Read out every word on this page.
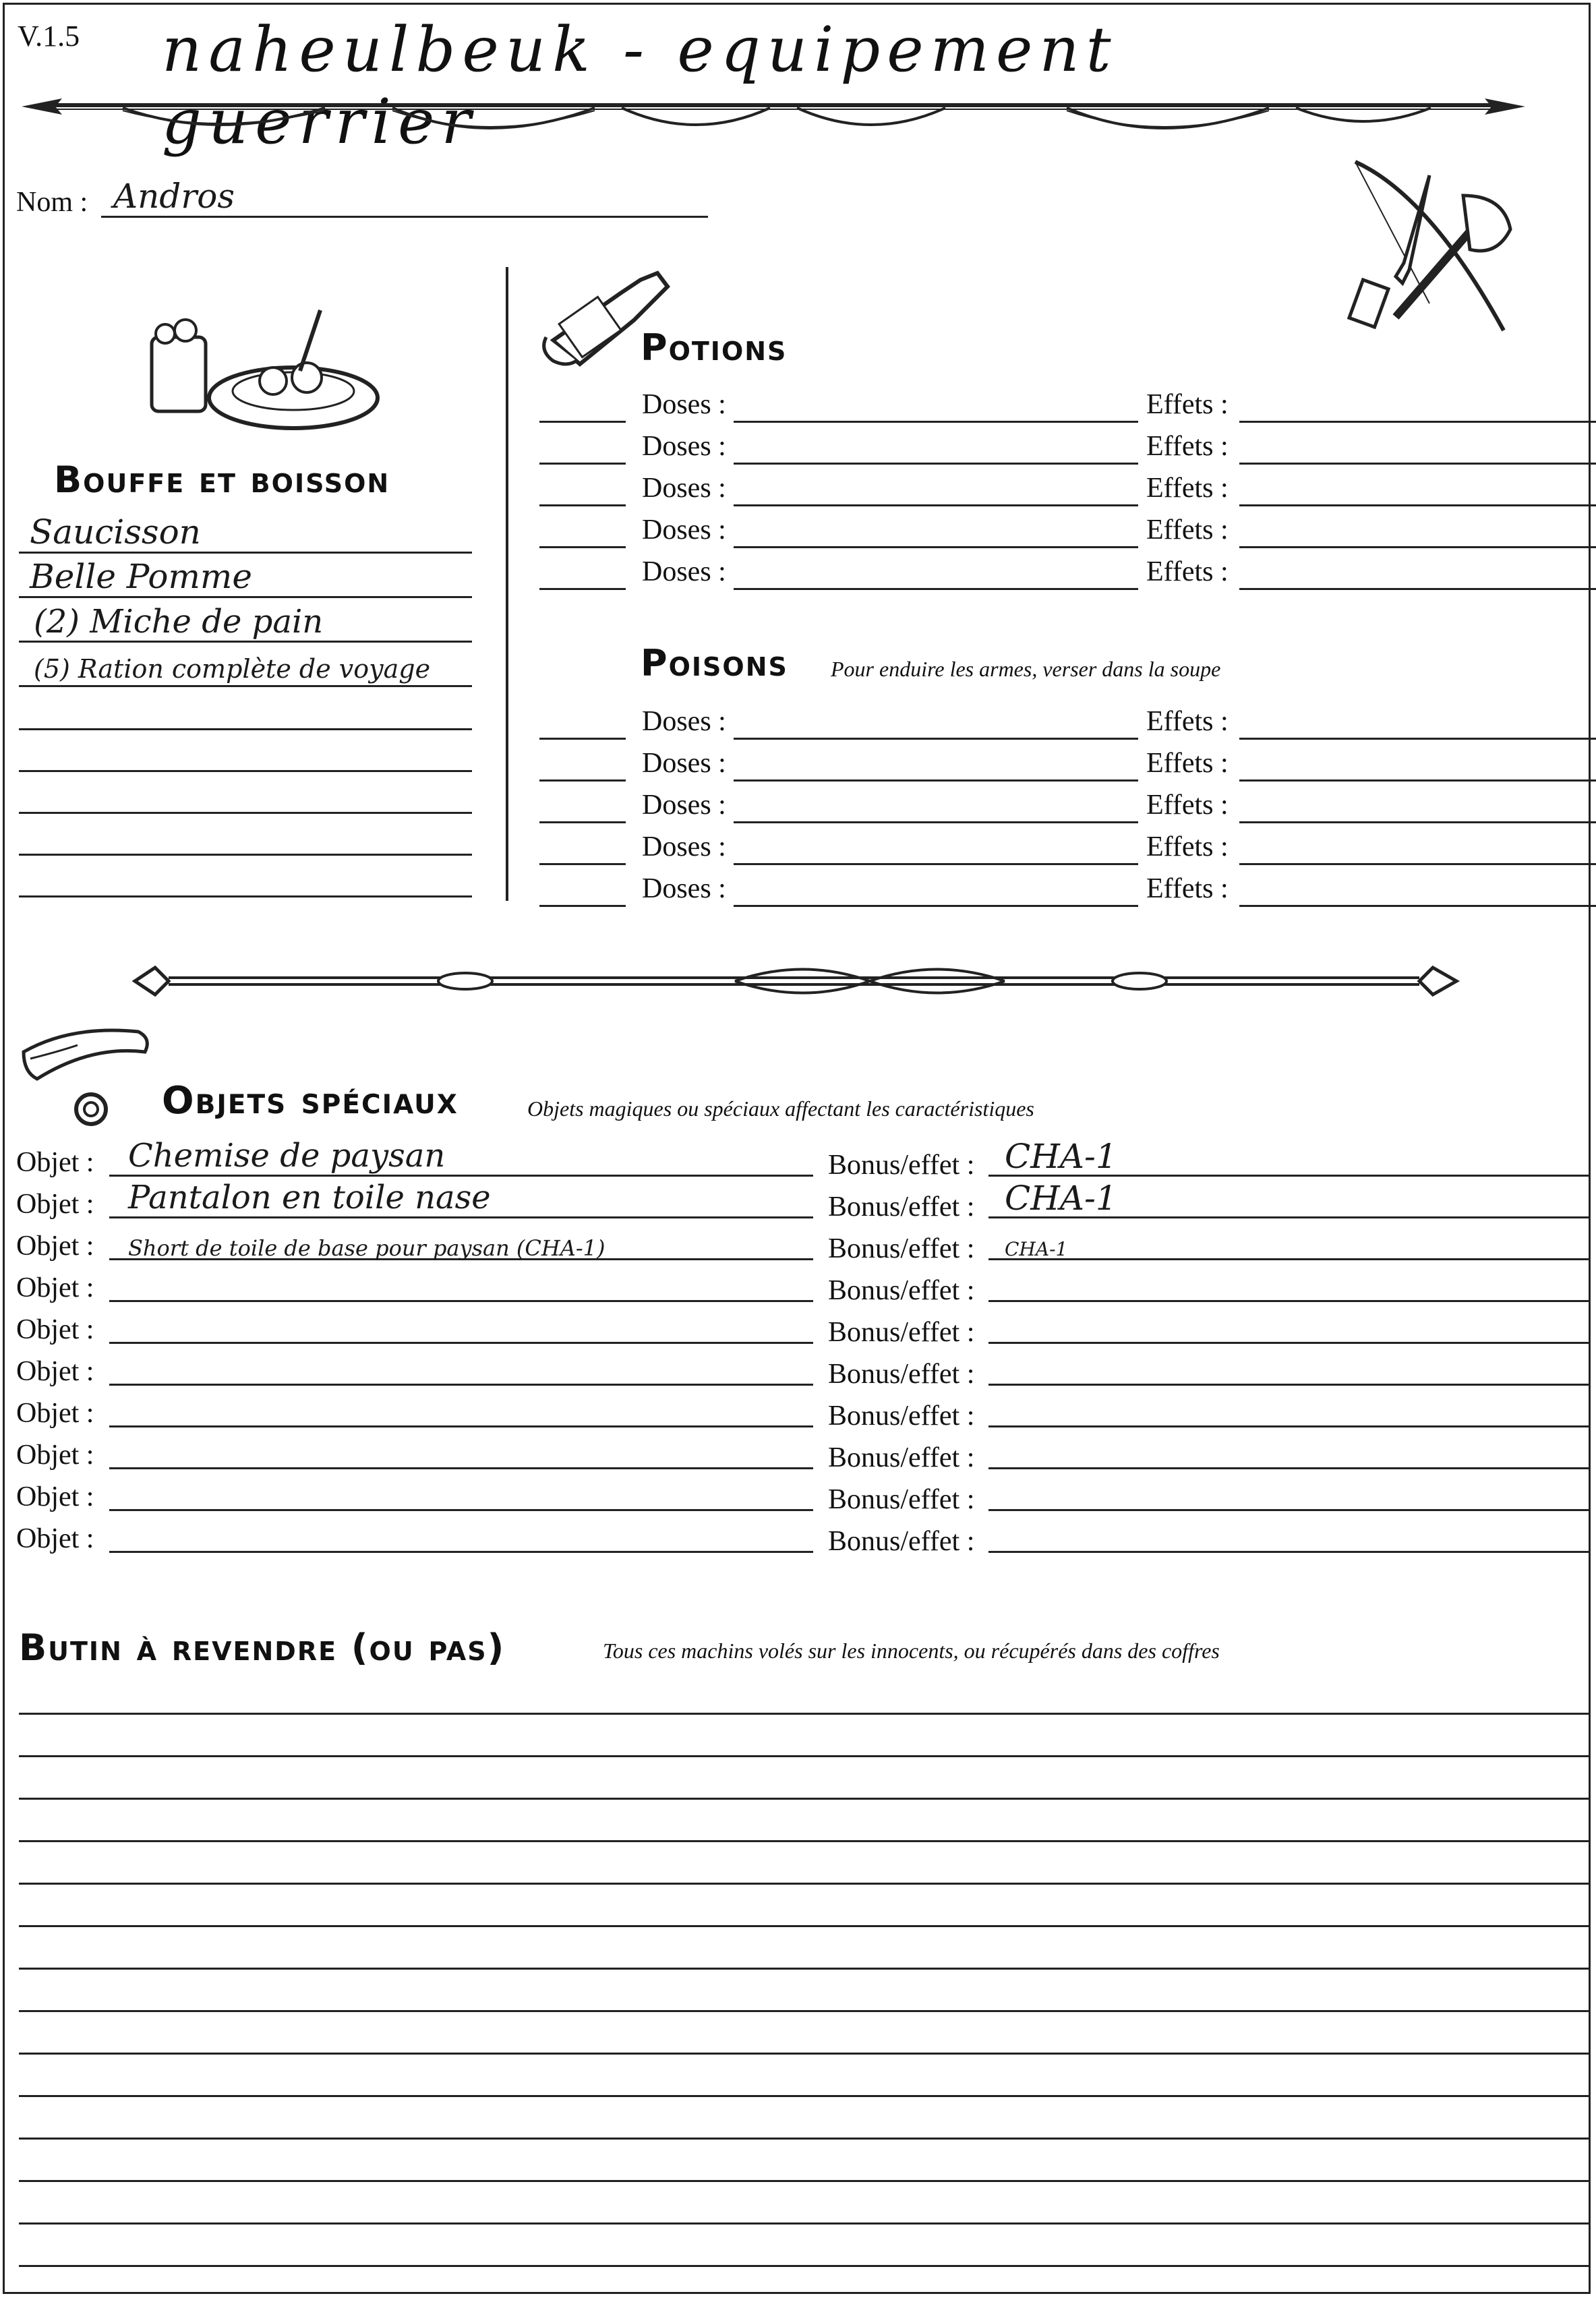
V.1.5 naheulbeuk - equipement guerrier
Nom : Andros
Bouffe et boisson
Saucisson
Belle Pomme
(2) Miche de pain
(5) Ration complète de voyage
Potions
Doses :	Effets :
Doses :	Effets :
Doses :	Effets :
Doses :	Effets :
Doses :	Effets :
Poisons Pour enduire les armes, verser dans la soupe
Doses :	Effets :
Doses :	Effets :
Doses :	Effets :
Doses :	Effets :
Doses :	Effets :
Objets spéciaux	Objets magiques ou spéciaux affectant les caractéristiques
Objet : Chemise de paysan	Bonus/effet : CHA-1
Objet : Pantalon en toile nase	Bonus/effet : CHA-1
Objet : Short de toile de base pour paysan (CHA-1)	Bonus/effet : CHA-1
Objet :	Bonus/effet :
Objet :	Bonus/effet :
Objet :	Bonus/effet :
Objet :	Bonus/effet :
Objet :	Bonus/effet :
Objet :	Bonus/effet :
Objet :	Bonus/effet :
Butin à revendre (ou pas)	Tous ces machins volés sur les innocents, ou récupérés dans des coffres
